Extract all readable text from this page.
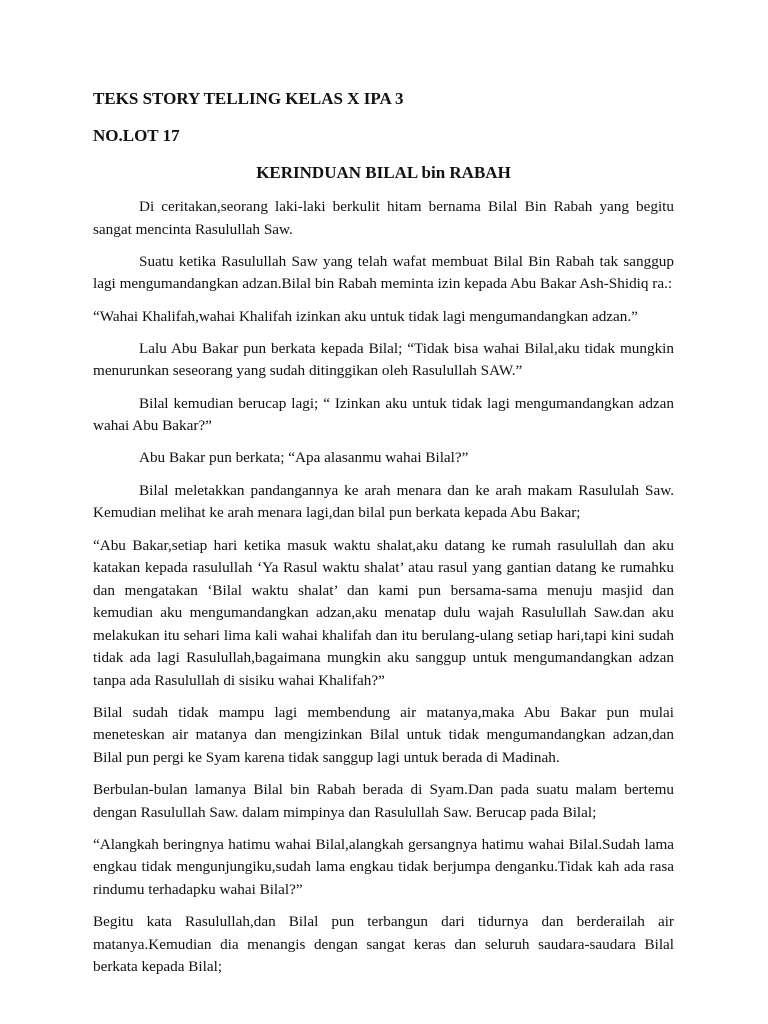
TEKS STORY TELLING KELAS X IPA 3
NO.LOT 17
KERINDUAN BILAL bin RABAH

Di ceritakan,seorang laki-laki berkulit hitam bernama Bilal Bin Rabah yang begitu sangat mencinta Rasulullah Saw.

Suatu ketika Rasulullah Saw yang telah wafat membuat Bilal Bin Rabah tak sanggup lagi mengumandangkan adzan.Bilal bin Rabah meminta izin kepada Abu Bakar Ash-Shidiq ra.:

“Wahai Khalifah,wahai Khalifah izinkan aku untuk tidak lagi mengumandangkan adzan.”

Lalu Abu Bakar pun berkata kepada Bilal; “Tidak bisa wahai Bilal,aku tidak mungkin menurunkan seseorang yang sudah ditinggikan oleh Rasulullah SAW.”

Bilal kemudian berucap lagi; “ Izinkan aku untuk tidak lagi mengumandangkan adzan wahai Abu Bakar?”

Abu Bakar pun berkata; “Apa alasanmu wahai Bilal?”

Bilal meletakkan pandangannya ke arah menara dan ke arah makam Rasululah Saw. Kemudian melihat ke arah menara lagi,dan bilal pun berkata kepada Abu Bakar;

“Abu Bakar,setiap hari ketika masuk waktu shalat,aku datang ke rumah rasulullah dan aku katakan kepada rasulullah ‘Ya Rasul waktu shalat’ atau rasul yang gantian datang ke rumahku dan mengatakan ‘Bilal waktu shalat’ dan kami pun bersama-sama menuju masjid dan kemudian aku mengumandangkan adzan,aku menatap dulu wajah Rasulullah Saw.dan aku melakukan itu sehari lima kali wahai khalifah dan itu berulang-ulang setiap hari,tapi kini sudah tidak ada lagi Rasulullah,bagaimana mungkin aku sanggup untuk mengumandangkan adzan tanpa ada Rasulullah di sisiku wahai Khalifah?”

Bilal sudah tidak mampu lagi membendung air matanya,maka Abu Bakar pun mulai meneteskan air matanya dan mengizinkan Bilal untuk tidak mengumandangkan adzan,dan Bilal pun pergi ke Syam karena tidak sanggup lagi untuk berada di Madinah.

Berbulan-bulan lamanya Bilal bin Rabah berada di Syam.Dan pada suatu malam bertemu dengan Rasulullah Saw. dalam mimpinya dan Rasulullah Saw. Berucap pada Bilal;

“Alangkah beringnya hatimu wahai Bilal,alangkah gersangnya hatimu wahai Bilal.Sudah lama engkau tidak mengunjungiku,sudah lama engkau tidak berjumpa denganku.Tidak kah ada rasa rindumu terhadapku wahai Bilal?”

Begitu kata Rasulullah,dan Bilal pun terbangun dari tidurnya dan berderailah air matanya.Kemudian dia menangis dengan sangat keras dan seluruh saudara-saudara Bilal berkata kepada Bilal;
